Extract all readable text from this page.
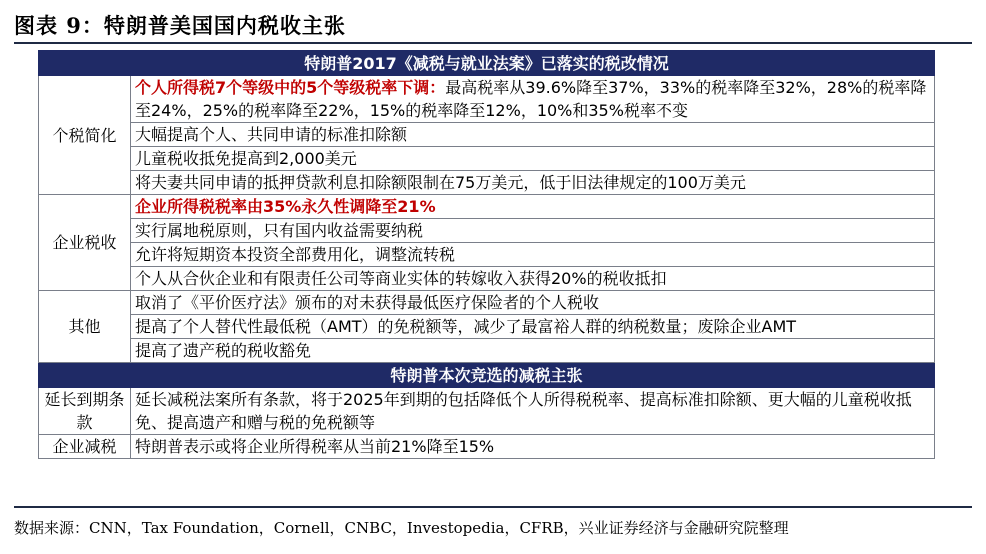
图表 9：特朗普美国国内税收主张
特朗普2017《减税与就业法案》已落实的税改情况	
个税简化	个人所得税7个等级中的5个等级税率下调：最高税率从39.6%降至37%，33%的税率降至32%，28%的税率降至24%，25%的税率降至22%，15%的税率降至12%，10%和35%税率不变
	大幅提高个人、共同申请的标准扣除额
	儿童税收抵免提高到2,000美元
	将夫妻共同申请的抵押贷款利息扣除额限制在75万美元，低于旧法律规定的100万美元
企业税收	企业所得税税率由35%永久性调降至21%
	实行属地税原则，只有国内收益需要纳税
	允许将短期资本投资全部费用化，调整流转税
	个人从合伙企业和有限责任公司等商业实体的转嫁收入获得20%的税收抵扣
其他	取消了《平价医疗法》颁布的对未获得最低医疗保险者的个人税收
	提高了个人替代性最低税（AMT）的免税额等，减少了最富裕人群的纳税数量；废除企业AMT
	提高了遗产税的税收豁免
特朗普本次竞选的减税主张	
延长到期条款	延长减税法案所有条款，将于2025年到期的包括降低个人所得税税率、提高标准扣除额、更大幅的儿童税收抵免、提高遗产和赠与税的免税额等
企业减税	特朗普表示或将企业所得税率从当前21%降至15%
数据来源：CNN，Tax Foundation，Cornell，CNBC，Investopedia，CFRB，兴业证券经济与金融研究院整理
